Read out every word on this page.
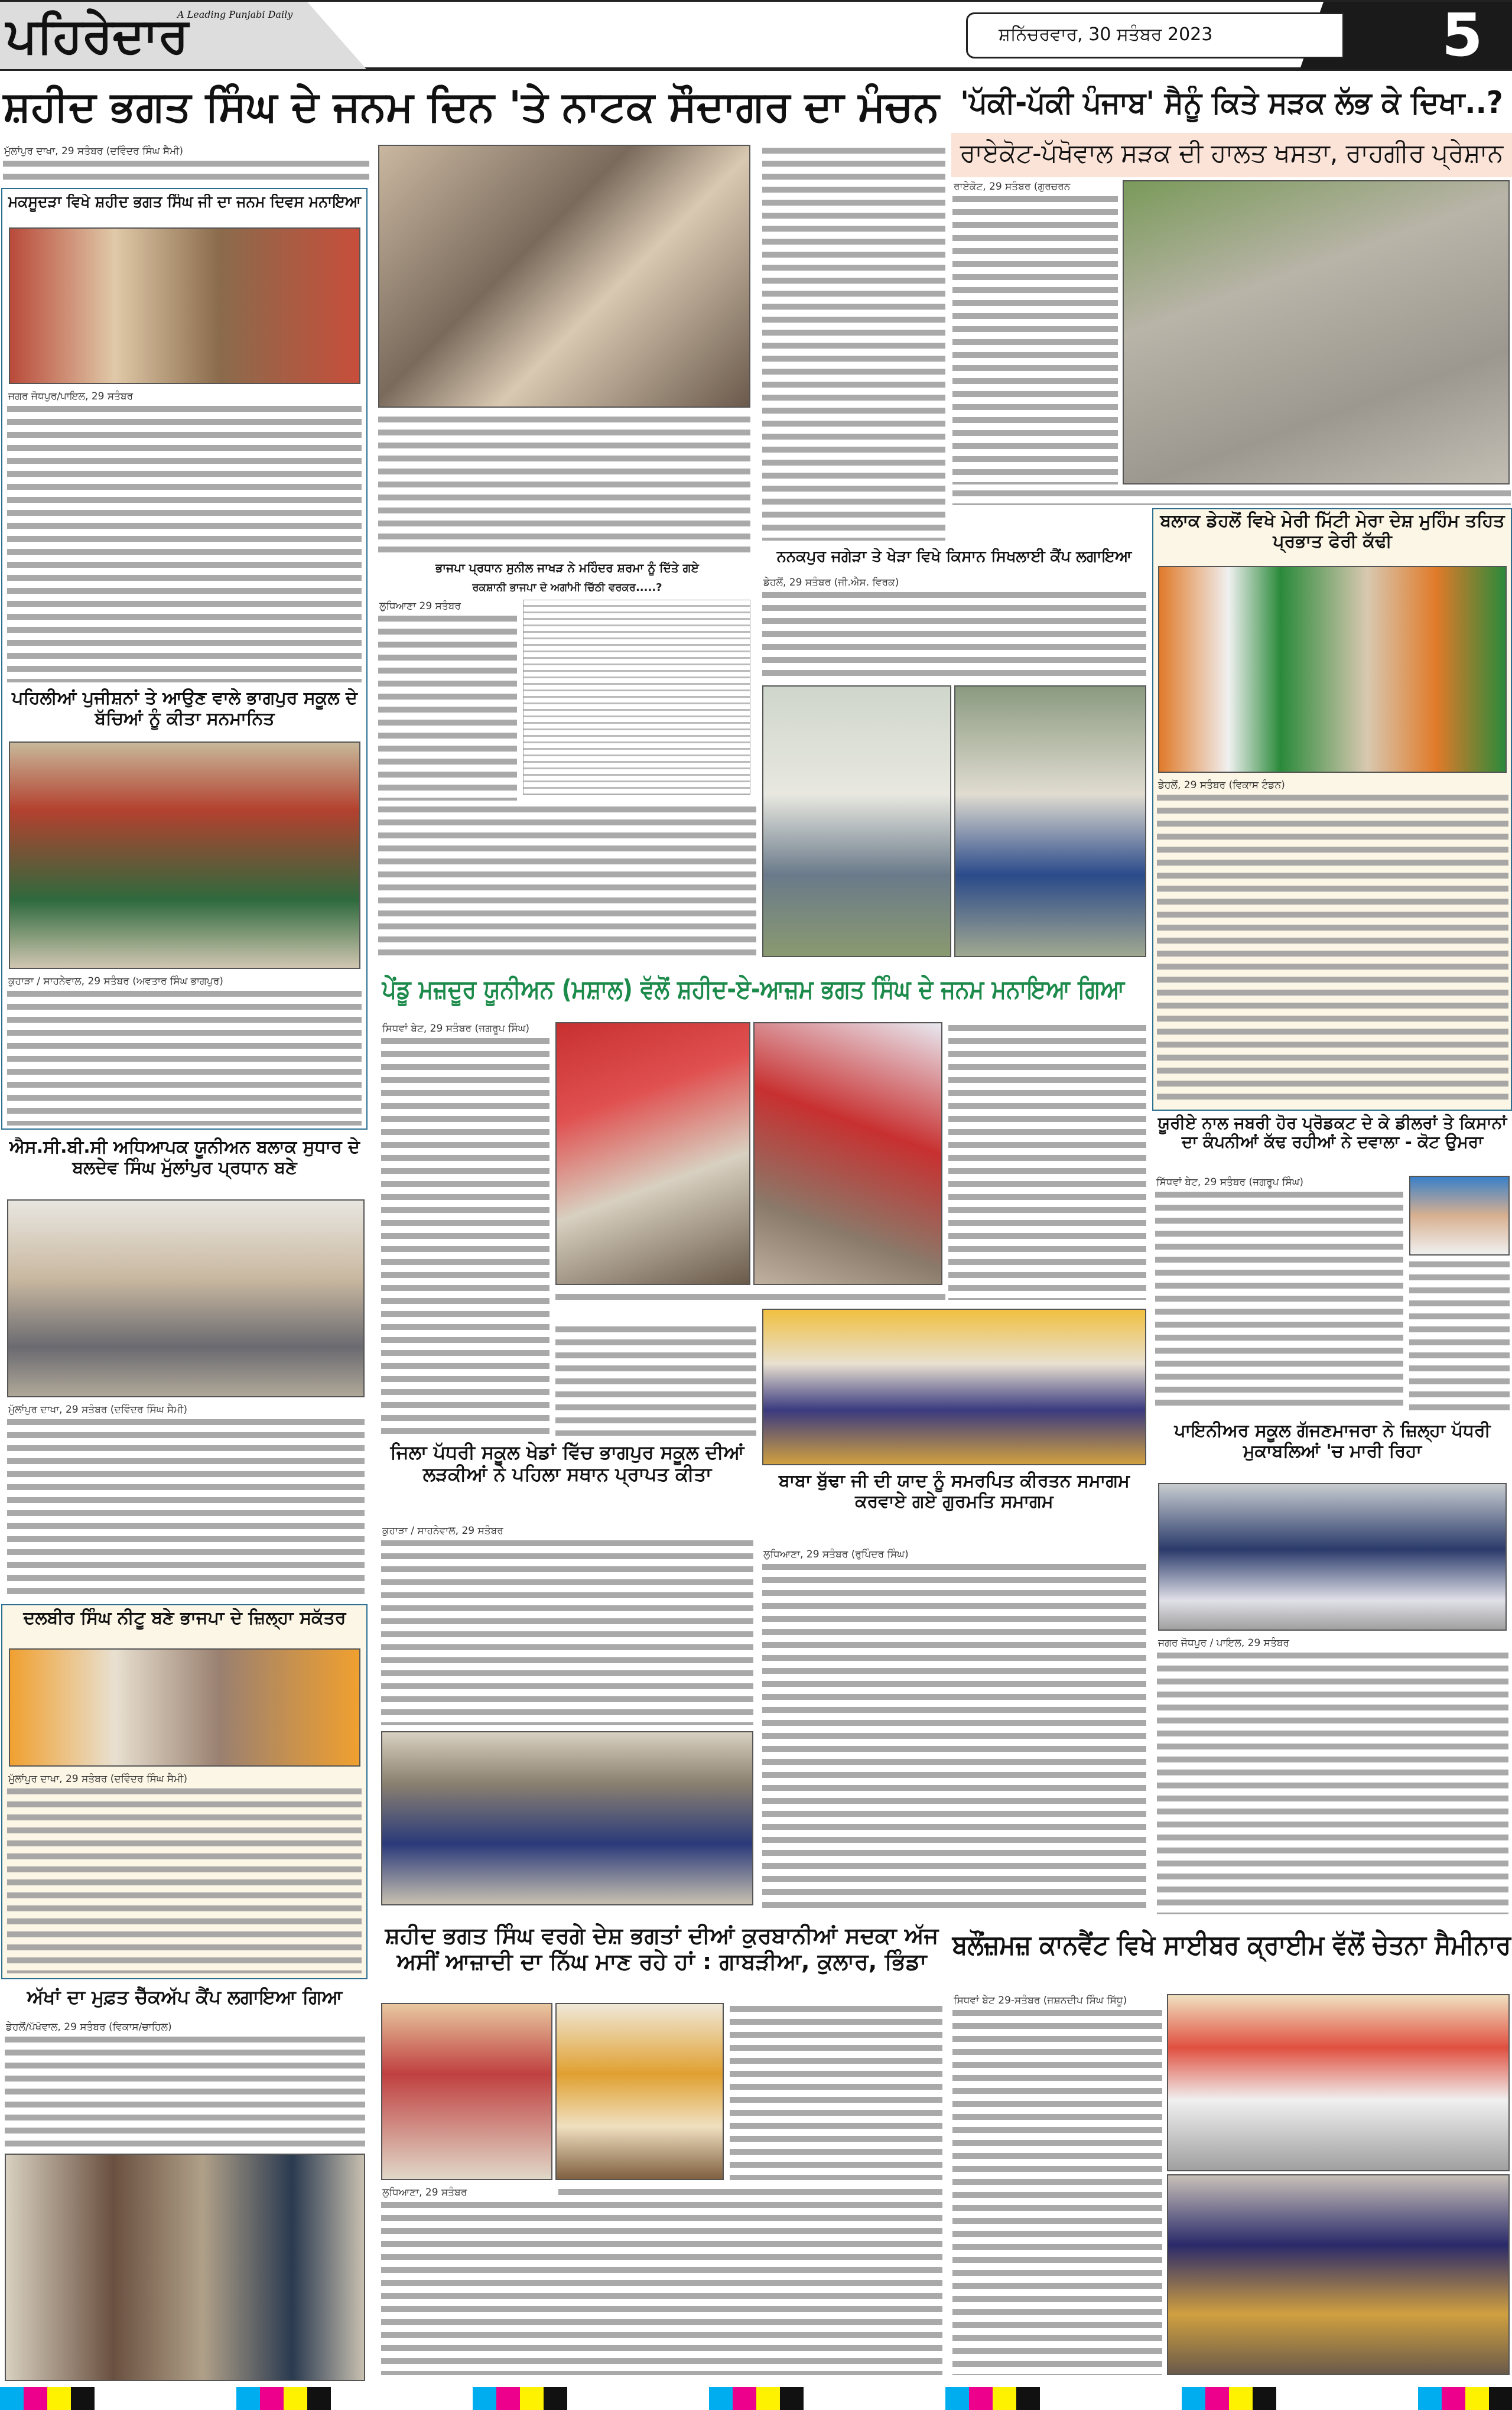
ਪਹਿਰੇਦਾਰ
A Leading Punjabi Daily
ਸ਼ਨਿੱਚਰਵਾਰ, 30 ਸਤੰਬਰ 2023	5
ਸ਼ਹੀਦ ਭਗਤ ਸਿੰਘ ਦੇ ਜਨਮ ਦਿਨ 'ਤੇ ਨਾਟਕ ਸੌਦਾਗਰ ਦਾ ਮੰਚਨ 'ਪੱਕੀ-ਪੱਕੀ ਪੰਜਾਬ' ਸੈਨੂੰ ਕਿਤੇ ਸੜਕ ਲੱਭ ਕੇ ਦਿਖਾ..?
ਰਾਏਕੋਟ-ਪੱਖੋਵਾਲ ਸੜਕ ਦੀ ਹਾਲਤ ਖਸਤਾ, ਰਾਹਗੀਰ ਪ੍ਰੇਸ਼ਾਨ
ਮੁੱਲਾਂਪੁਰ ਦਾਖਾ, 29 ਸਤੰਬਰ (ਦਵਿੰਦਰ ਸਿੰਘ ਸੈਮੀ)
ਰਾਏਕੋਟ, 29 ਸਤੰਬਰ (ਗੁਰਚਰਨ
ਮਕਸੂਦੜਾ ਵਿਖੇ ਸ਼ਹੀਦ ਭਗਤ ਸਿੰਘ ਜੀ ਦਾ ਜਨਮ ਦਿਵਸ ਮਨਾਇਆ
ਜਗਰ ਜੋਧਪੁਰ/ਪਾਇਲ, 29 ਸਤੰਬਰ
ਪਹਿਲੀਆਂ ਪੁਜੀਸ਼ਨਾਂ ਤੇ ਆਉਣ ਵਾਲੇ ਭਾਗਪੁਰ ਸਕੂਲ ਦੇ ਬੱਚਿਆਂ ਨੂੰ ਕੀਤਾ ਸਨਮਾਨਿਤ
ਕੁਹਾੜਾ / ਸਾਹਨੇਵਾਲ, 29 ਸਤੰਬਰ (ਅਵਤਾਰ ਸਿੰਘ ਭਾਗਪੁਰ)
ਐਸ.ਸੀ.ਬੀ.ਸੀ ਅਧਿਆਪਕ ਯੂਨੀਅਨ ਬਲਾਕ ਸੁਧਾਰ ਦੇ ਬਲਦੇਵ ਸਿੰਘ ਮੁੱਲਾਂਪੁਰ ਪ੍ਰਧਾਨ ਬਣੇ
ਮੁੱਲਾਂਪੁਰ ਦਾਖਾ, 29 ਸਤੰਬਰ (ਦਵਿੰਦਰ ਸਿੰਘ ਸੈਮੀ)
ਦਲਬੀਰ ਸਿੰਘ ਨੀਟੂ ਬਣੇ ਭਾਜਪਾ ਦੇ ਜ਼ਿਲ੍ਹਾ ਸਕੱਤਰ
ਮੁੱਲਾਂਪੁਰ ਦਾਖਾ, 29 ਸਤੰਬਰ (ਦਵਿੰਦਰ ਸਿੰਘ ਸੈਮੀ)
ਅੱਖਾਂ ਦਾ ਮੁਫ਼ਤ ਚੈੱਕਅੱਪ ਕੈਂਪ ਲਗਾਇਆ ਗਿਆ
ਡੇਹਲੋਂ/ਪੱਖੋਵਾਲ, 29 ਸਤੰਬਰ (ਵਿਕਾਸ/ਚਾਹਿਲ)
ਭਾਜਪਾ ਪ੍ਰਧਾਨ ਸੁਨੀਲ ਜਾਖੜ ਨੇ ਮਹਿੰਦਰ ਸ਼ਰਮਾ ਨੂੰ ਦਿੱਤੇ ਗਏ
ਰਕਸ਼ਾਨੀ ਭਾਜਪਾ ਦੇ ਅਗਾਂਮੀ ਚਿੱਠੀ ਵਰਕਰ.....?
ਲੁਧਿਆਣਾ 29 ਸਤੰਬਰ
ਨਨਕਪੁਰ ਜਗੇੜਾ ਤੇ ਖੇੜਾ ਵਿਖੇ ਕਿਸਾਨ ਸਿਖਲਾਈ ਕੈਂਪ ਲਗਾਇਆ
ਡੇਹਲੋਂ, 29 ਸਤੰਬਰ (ਜੀ.ਐਸ. ਵਿਰਕ)
ਬਲਾਕ ਡੇਹਲੋਂ ਵਿਖੇ ਮੇਰੀ ਮਿੱਟੀ ਮੇਰਾ ਦੇਸ਼ ਮੁਹਿੰਮ ਤਹਿਤ ਪ੍ਰਭਾਤ ਫੇਰੀ ਕੱਢੀ
ਡੇਹਲੋਂ, 29 ਸਤੰਬਰ (ਵਿਕਾਸ ਟੰਡਨ)
ਯੂਰੀਏ ਨਾਲ ਜਬਰੀ ਹੋਰ ਪ੍ਰੋਡਕਟ ਦੇ ਕੇ ਡੀਲਰਾਂ ਤੇ ਕਿਸਾਨਾਂ ਦਾ ਕੰਪਨੀਆਂ ਕੱਢ ਰਹੀਆਂ ਨੇ ਦਵਾਲਾ - ਕੋਟ ਉਮਰਾ
ਸਿੱਧਵਾਂ ਬੇਟ, 29 ਸਤੰਬਰ (ਜਗਰੂਪ ਸਿੰਘ)
ਪਾਇਨੀਅਰ ਸਕੂਲ ਗੱਜਣਮਾਜਰਾ ਨੇ ਜ਼ਿਲ੍ਹਾ ਪੱਧਰੀ ਮੁਕਾਬਲਿਆਂ 'ਚ ਮਾਰੀ ਰਿਹਾ
ਜਗਰ ਜੋਧਪੁਰ / ਪਾਇਲ, 29 ਸਤੰਬਰ
ਪੇਂਡੂ ਮਜ਼ਦੂਰ ਯੂਨੀਅਨ (ਮਸ਼ਾਲ) ਵੱਲੋਂ ਸ਼ਹੀਦ-ਏ-ਆਜ਼ਮ ਭਗਤ ਸਿੰਘ ਦੇ ਜਨਮ ਮਨਾਇਆ ਗਿਆ
ਸਿਧਵਾਂ ਬੇਟ, 29 ਸਤੰਬਰ (ਜਗਰੂਪ ਸਿੰਘ)
ਜਿਲਾ ਪੱਧਰੀ ਸਕੂਲ ਖੇਡਾਂ ਵਿੱਚ ਭਾਗਪੁਰ ਸਕੂਲ ਦੀਆਂ ਲੜਕੀਆਂ ਨੇ ਪਹਿਲਾ ਸਥਾਨ ਪ੍ਰਾਪਤ ਕੀਤਾ
ਕੁਹਾੜਾ / ਸਾਹਨੇਵਾਲ, 29 ਸਤੰਬਰ
ਬਾਬਾ ਬੁੱਢਾ ਜੀ ਦੀ ਯਾਦ ਨੂੰ ਸਮਰਪਿਤ ਕੀਰਤਨ ਸਮਾਗਮ ਕਰਵਾਏ ਗਏ ਗੁਰਮਤਿ ਸਮਾਗਮ
ਲੁਧਿਆਣਾ, 29 ਸਤੰਬਰ (ਰੁਪਿੰਦਰ ਸਿੰਘ)
ਸ਼ਹੀਦ ਭਗਤ ਸਿੰਘ ਵਰਗੇ ਦੇਸ਼ ਭਗਤਾਂ ਦੀਆਂ ਕੁਰਬਾਨੀਆਂ ਸਦਕਾ ਅੱਜ ਅਸੀਂ ਆਜ਼ਾਦੀ ਦਾ ਨਿੱਘ ਮਾਣ ਰਹੇ ਹਾਂ : ਗਾਬੜੀਆ, ਕੁਲਾਰ, ਭਿੰਡਾ
ਲੁਧਿਆਣਾ, 29 ਸਤੰਬਰ
ਬਲੌਂਜ਼ਮਜ਼ ਕਾਨਵੈਂਟ ਵਿਖੇ ਸਾਈਬਰ ਕ੍ਰਾਈਮ ਵੱਲੋਂ ਚੇਤਨਾ ਸੈਮੀਨਾਰ
ਸਿਧਵਾਂ ਬੇਟ 29-ਸਤੰਬਰ (ਜਸ਼ਨਦੀਪ ਸਿੰਘ ਸਿੱਧੂ)
